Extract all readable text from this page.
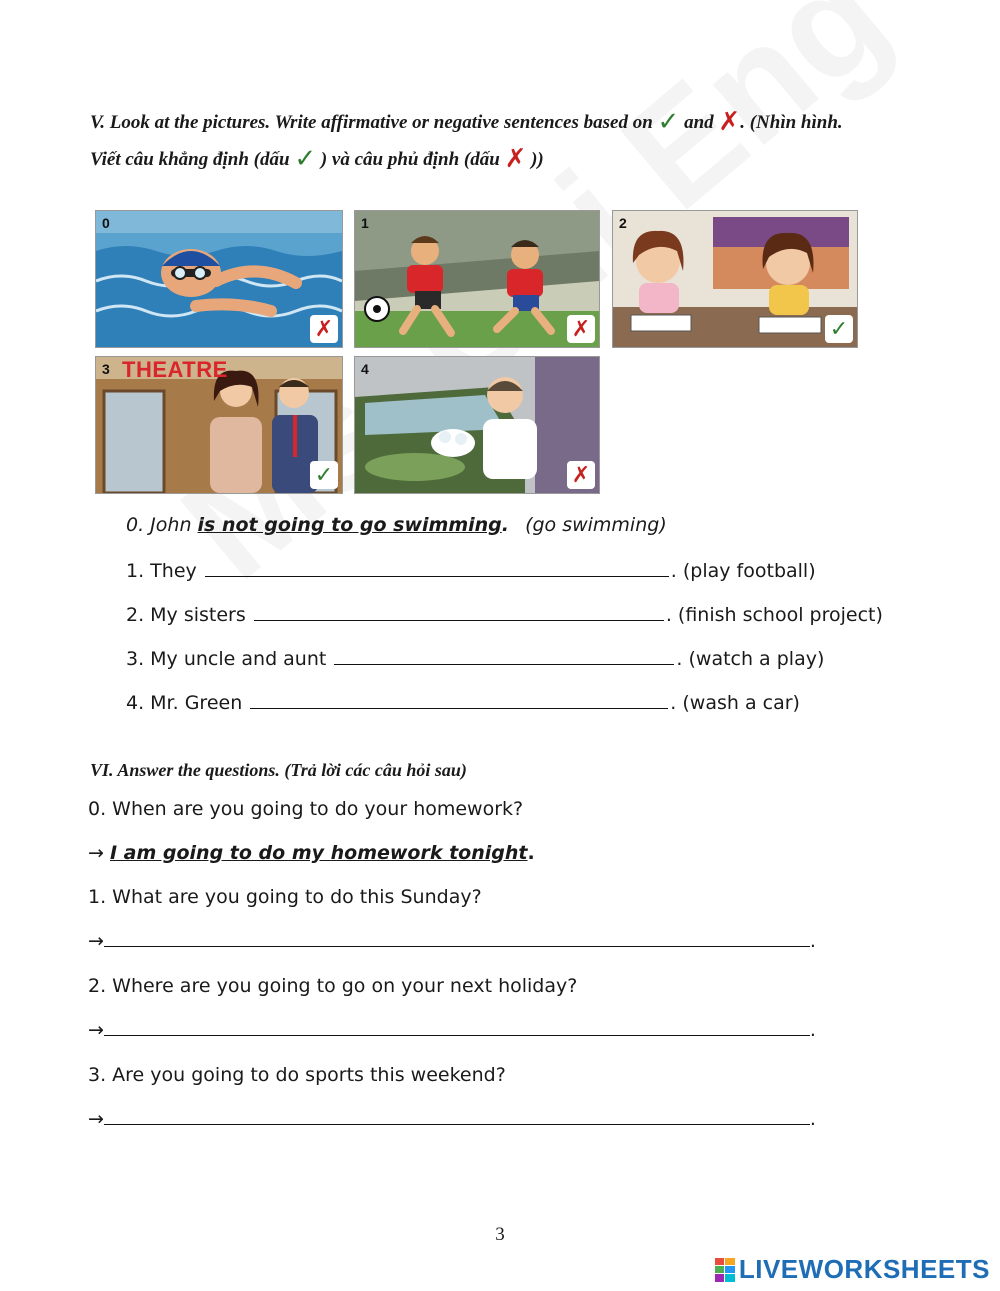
V. Look at the pictures. Write affirmative or negative sentences based on ✓ and ✗. (Nhìn hình.
Viết câu khẳng định (dấu ✓ ) và câu phủ định (dấu ✗ ))
0
✗
1
✗
2
✓
3 THEATRE
✓
4
✗
0. John is not going to go swimming. (go swimming)
1. They	. (play football)
2. My sisters	. (finish school project)
3. My uncle and aunt	. (watch a play)
4. Mr. Green	. (wash a car)
VI. Answer the questions. (Trả lời các câu hỏi sau)
0. When are you going to do your homework?
→ I am going to do my homework tonight.
1. What are you going to do this Sunday?
→	.
2. Where are you going to go on your next holiday?
→	.
3. Are you going to do sports this weekend?
→	.
3
LIVEWORKSHEETS
